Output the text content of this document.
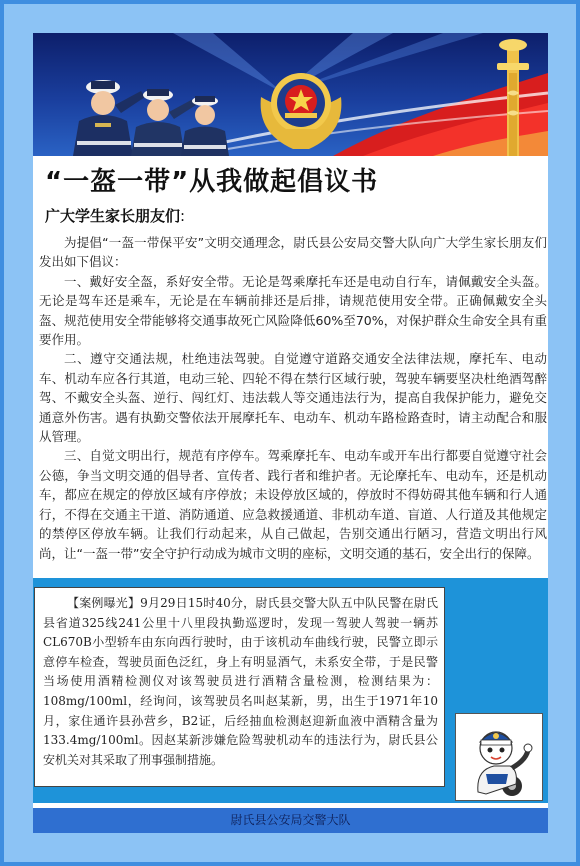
“一盔一带”从我做起倡议书
广大学生家长朋友们:

为提倡“一盔一带保平安”文明交通理念，尉氏县公安局交警大队向广大学生家长朋友们发出如下倡议：

一、戴好安全盔，系好安全带。无论是驾乘摩托车还是电动自行车，请佩戴安全头盔。无论是驾车还是乘车，无论是在车辆前排还是后排，请规范使用安全带。正确佩戴安全头盔、规范使用安全带能够将交通事故死亡风险降低60%至70%，对保护群众生命安全具有重要作用。

二、遵守交通法规，杜绝违法驾驶。自觉遵守道路交通安全法律法规，摩托车、电动车、机动车应各行其道，电动三轮、四轮不得在禁行区域行驶，驾驶车辆要坚决杜绝酒驾醉驾、不戴安全头盔、逆行、闯红灯、违法载人等交通违法行为，提高自我保护能力，避免交通意外伤害。遇有执勤交警依法开展摩托车、电动车、机动车路检路查时，请主动配合和服从管理。

三、自觉文明出行，规范有序停车。驾乘摩托车、电动车或开车出行都要自觉遵守社会公德，争当文明交通的倡导者、宣传者、践行者和维护者。无论摩托车、电动车，还是机动车，都应在规定的停放区域有序停放；未设停放区域的，停放时不得妨碍其他车辆和行人通行，不得在交通主干道、消防通道、应急救援通道、非机动车道、盲道、人行道及其他规定的禁停区停放车辆。让我们行动起来，从自己做起，告别交通出行陋习，营造文明出行风尚，让“一盔一带”安全守护行动成为城市文明的座标，文明交通的基石，安全出行的保障。

【案例曝光】9月29日15时40分，尉氏县交警大队五中队民警在尉氏县省道325线241公里十八里段执勤巡逻时，发现一驾驶人驾驶一辆苏CL670B小型轿车由东向西行驶时，由于该机动车曲线行驶，民警立即示意停车检查，驾驶员面色泛红，身上有明显酒气，未系安全带，于是民警当场使用酒精检测仪对该驾驶员进行酒精含量检测，检测结果为：108mg/100ml，经询问，该驾驶员名叫赵某新，男，出生于1971年10月，家住通许县孙营乡，B2证，后经抽血检测赵迎新血液中酒精含量为133.4mg/100ml。因赵某新涉嫌危险驾驶机动车的违法行为，尉氏县公安机关对其采取了刑事强制措施。

尉氏县公安局交警大队
